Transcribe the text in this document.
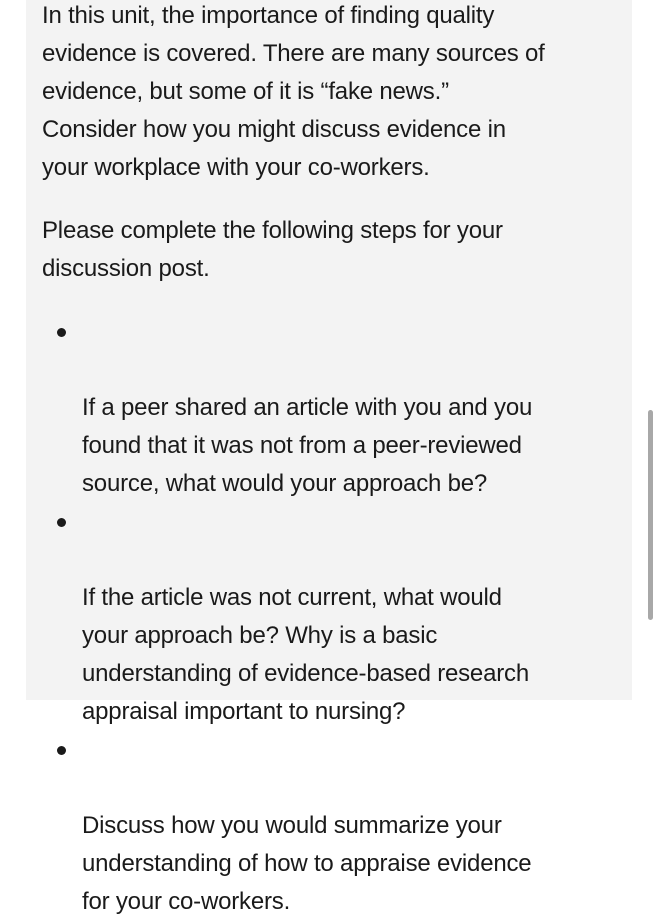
In this unit, the importance of finding quality
evidence is covered. There are many sources of
evidence, but some of it is “fake news.”
Consider how you might discuss evidence in
your workplace with your co-workers.

Please complete the following steps for your
discussion post.

If a peer shared an article with you and you
found that it was not from a peer-reviewed
source, what would your approach be?

If the article was not current, what would
your approach be? Why is a basic
understanding of evidence-based research
appraisal important to nursing?

Discuss how you would summarize your
understanding of how to appraise evidence
for your co-workers.
